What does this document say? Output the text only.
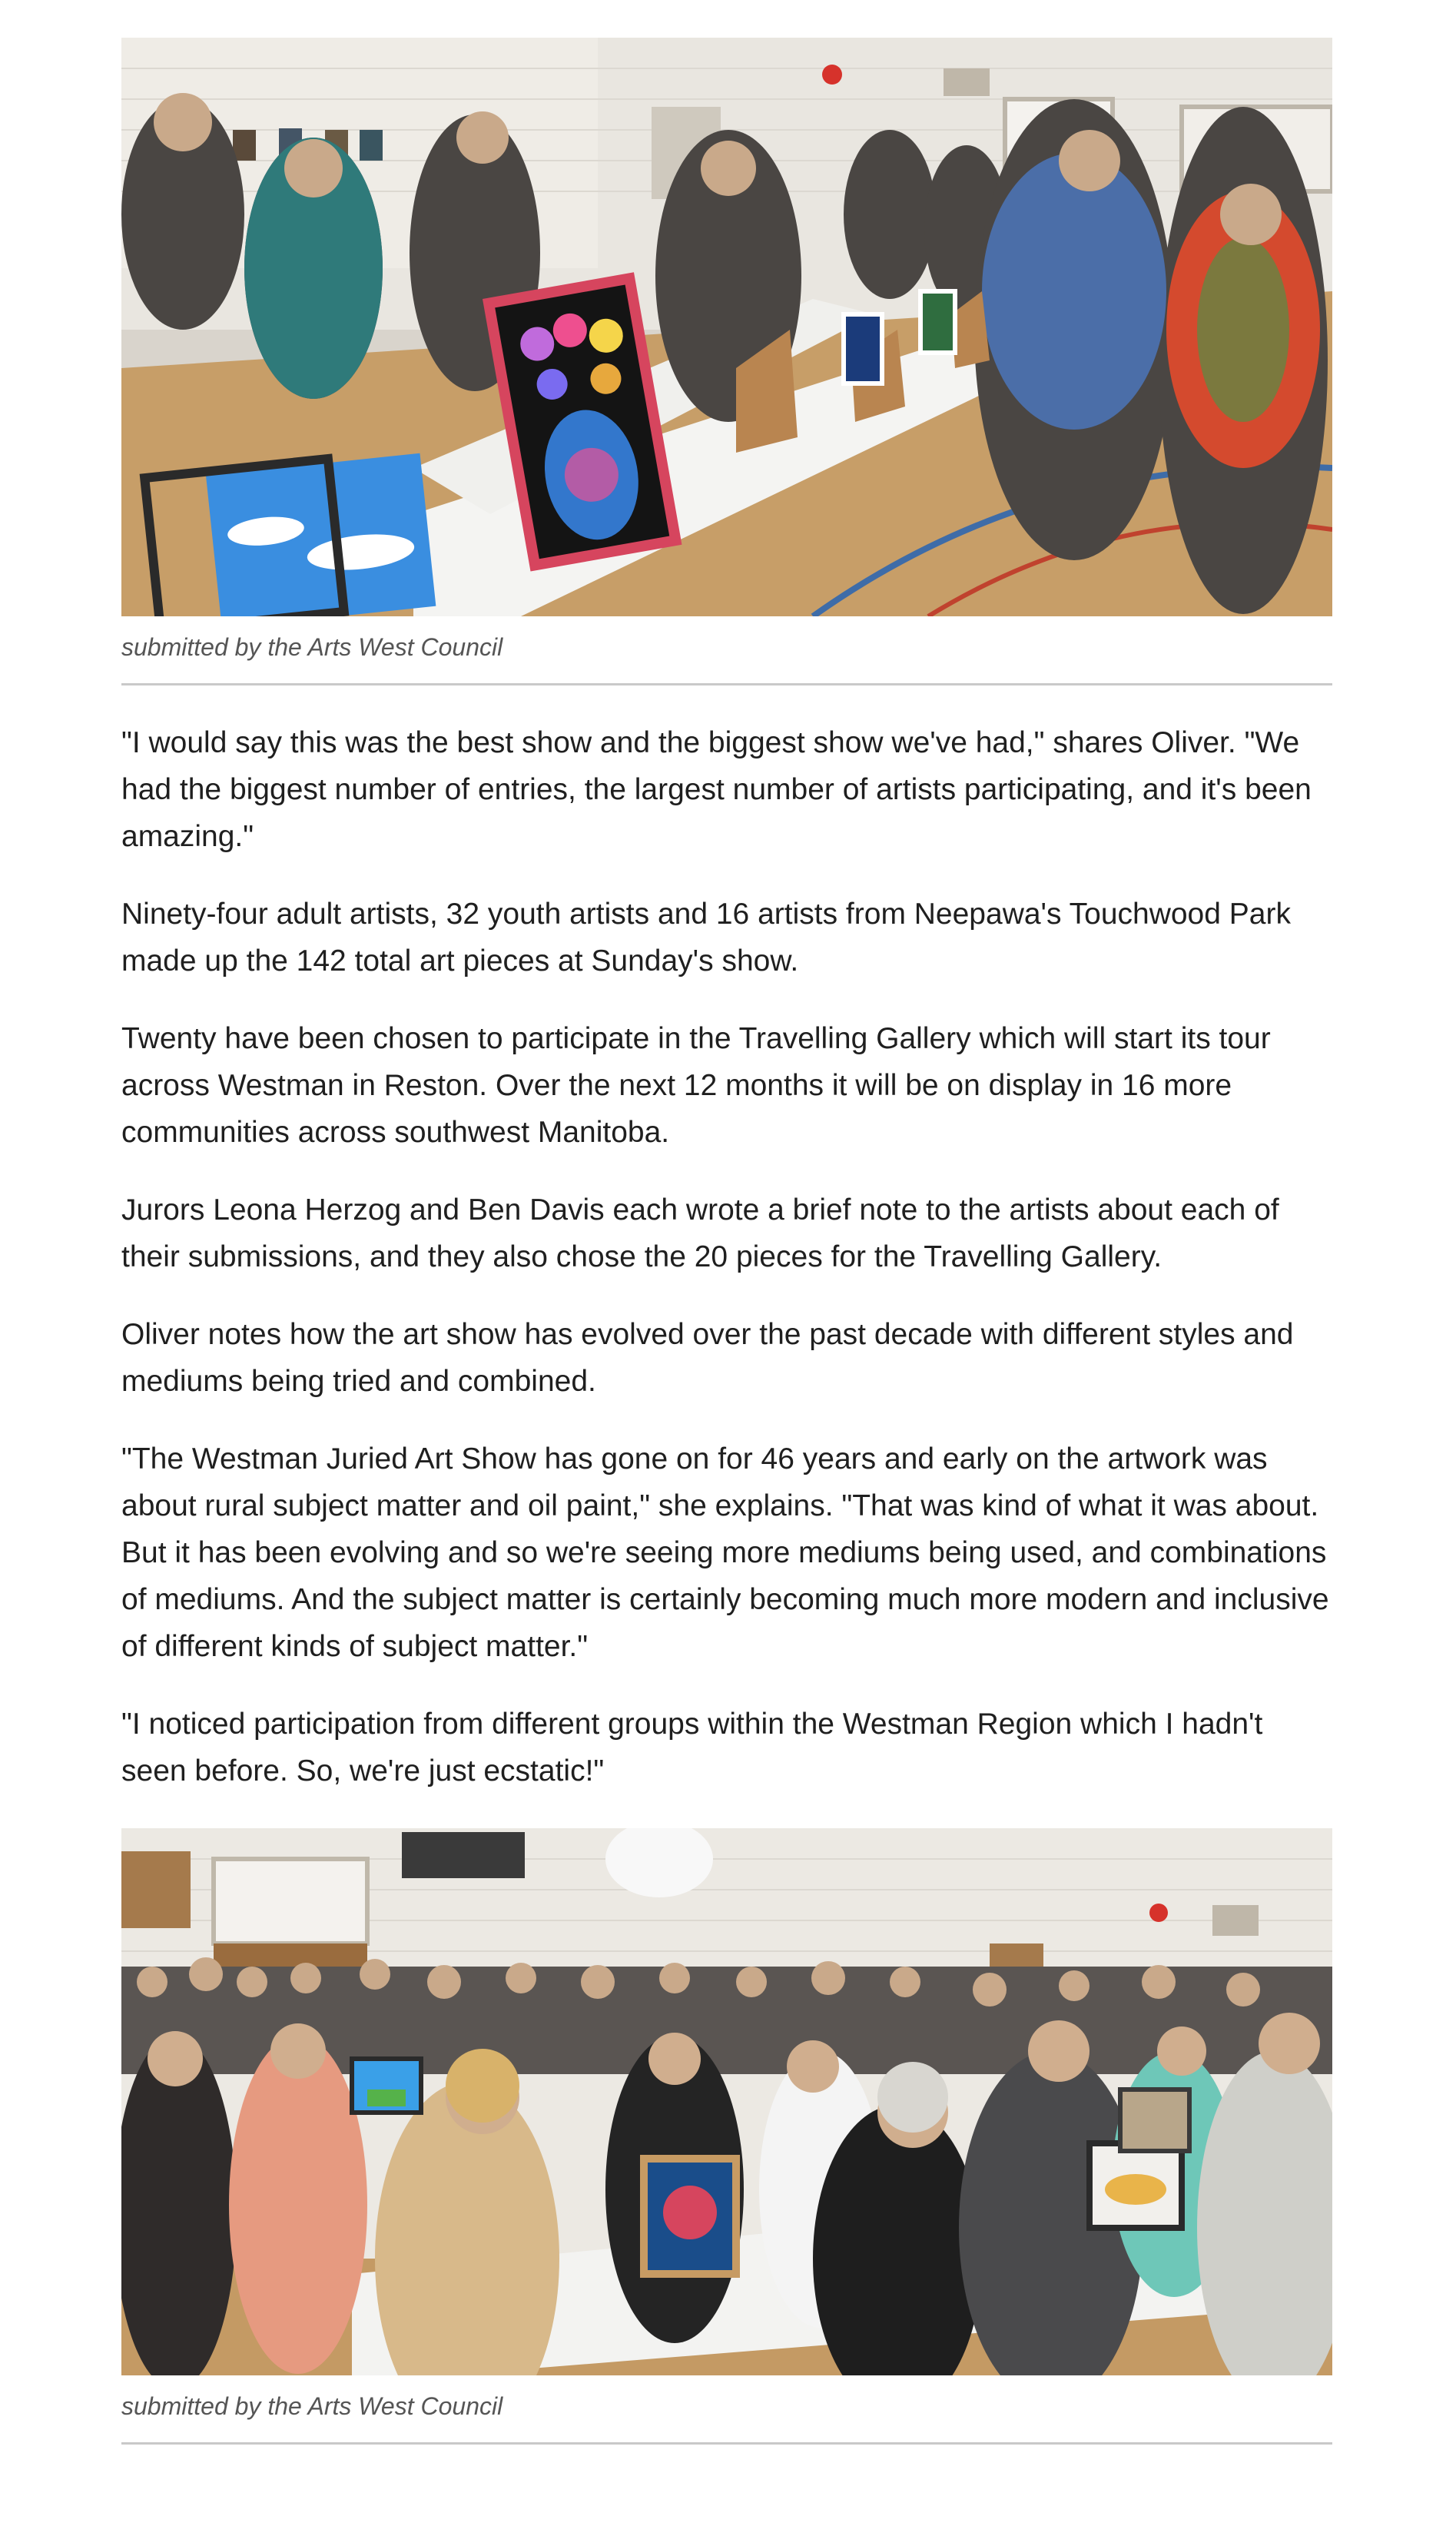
submitted by the Arts West Council

"I would say this was the best show and the biggest show we've had," shares Oliver. "We had the biggest number of entries, the largest number of artists participating, and it's been amazing."

Ninety-four adult artists, 32 youth artists and 16 artists from Neepawa's Touchwood Park made up the 142 total art pieces at Sunday's show.

Twenty have been chosen to participate in the Travelling Gallery which will start its tour across Westman in Reston. Over the next 12 months it will be on display in 16 more communities across southwest Manitoba.

Jurors Leona Herzog and Ben Davis each wrote a brief note to the artists about each of their submissions, and they also chose the 20 pieces for the Travelling Gallery.

Oliver notes how the art show has evolved over the past decade with different styles and mediums being tried and combined.

"The Westman Juried Art Show has gone on for 46 years and early on the artwork was about rural subject matter and oil paint," she explains. "That was kind of what it was about. But it has been evolving and so we're seeing more mediums being used, and combinations of mediums. And the subject matter is certainly becoming much more modern and inclusive of different kinds of subject matter."

"I noticed participation from different groups within the Westman Region which I hadn't seen before. So, we're just ecstatic!"

submitted by the Arts West Council
